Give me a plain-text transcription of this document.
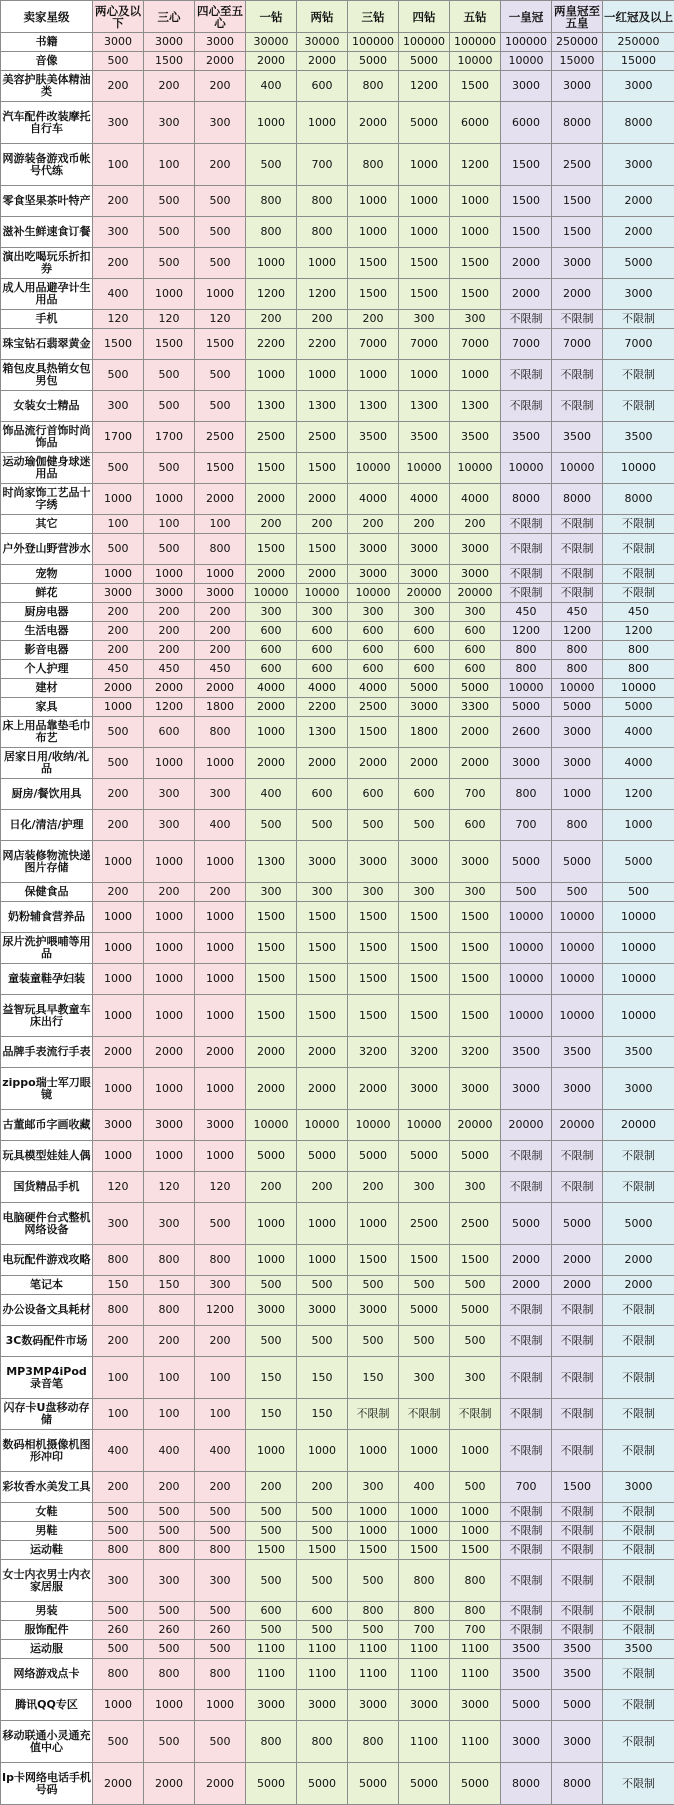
卖家星级	两心及以下	三心	四心至五心	一钻	两钻	三钻	四钻	五钻	一皇冠	两皇冠至五皇	一红冠及以上
书籍	3000	3000	3000	30000	30000	100000	100000	100000	100000	250000	250000
音像	500	1500	2000	2000	2000	5000	5000	10000	10000	15000	15000
美容护肤美体精油类	200	200	200	400	600	800	1200	1500	3000	3000	3000
汽车配件改装摩托自行车	300	300	300	1000	1000	2000	5000	6000	6000	8000	8000
网游装备游戏币帐号代练	100	100	200	500	700	800	1000	1200	1500	2500	3000
零食坚果茶叶特产	200	500	500	800	800	1000	1000	1000	1500	1500	2000
滋补生鲜速食订餐	300	500	500	800	800	1000	1000	1000	1500	1500	2000
演出吃喝玩乐折扣券	200	500	500	1000	1000	1500	1500	1500	2000	3000	5000
成人用品避孕计生用品	400	1000	1000	1200	1200	1500	1500	1500	2000	2000	3000
手机	120	120	120	200	200	200	300	300	不限制	不限制	不限制
珠宝钻石翡翠黄金	1500	1500	1500	2200	2200	7000	7000	7000	7000	7000	7000
箱包皮具热销女包男包	500	500	500	1000	1000	1000	1000	1000	不限制	不限制	不限制
女装女士精品	300	500	500	1300	1300	1300	1300	1300	不限制	不限制	不限制
饰品流行首饰时尚饰品	1700	1700	2500	2500	2500	3500	3500	3500	3500	3500	3500
运动瑜伽健身球迷用品	500	500	1500	1500	1500	10000	10000	10000	10000	10000	10000
时尚家饰工艺品十字绣	1000	1000	2000	2000	2000	4000	4000	4000	8000	8000	8000
其它	100	100	100	200	200	200	200	200	不限制	不限制	不限制
户外登山野营涉水	500	500	800	1500	1500	3000	3000	3000	不限制	不限制	不限制
宠物	1000	1000	1000	2000	2000	3000	3000	3000	不限制	不限制	不限制
鲜花	3000	3000	3000	10000	10000	10000	20000	20000	不限制	不限制	不限制
厨房电器	200	200	200	300	300	300	300	300	450	450	450
生活电器	200	200	200	600	600	600	600	600	1200	1200	1200
影音电器	200	200	200	600	600	600	600	600	800	800	800
个人护理	450	450	450	600	600	600	600	600	800	800	800
建材	2000	2000	2000	4000	4000	4000	5000	5000	10000	10000	10000
家具	1000	1200	1800	2000	2200	2500	3000	3300	5000	5000	5000
床上用品靠垫毛巾布艺	500	600	800	1000	1300	1500	1800	2000	2600	3000	4000
居家日用/收纳/礼品	500	1000	1000	2000	2000	2000	2000	2000	3000	3000	4000
厨房/餐饮用具	200	300	300	400	600	600	600	700	800	1000	1200
日化/清洁/护理	200	300	400	500	500	500	500	600	700	800	1000
网店装修物流快递图片存储	1000	1000	1000	1300	3000	3000	3000	3000	5000	5000	5000
保健食品	200	200	200	300	300	300	300	300	500	500	500
奶粉辅食营养品	1000	1000	1000	1500	1500	1500	1500	1500	10000	10000	10000
尿片洗护喂哺等用品	1000	1000	1000	1500	1500	1500	1500	1500	10000	10000	10000
童装童鞋孕妇装	1000	1000	1000	1500	1500	1500	1500	1500	10000	10000	10000
益智玩具早教童车床出行	1000	1000	1000	1500	1500	1500	1500	1500	10000	10000	10000
品牌手表流行手表	2000	2000	2000	2000	2000	3200	3200	3200	3500	3500	3500
zippo瑞士军刀眼镜	1000	1000	1000	2000	2000	2000	3000	3000	3000	3000	3000
古董邮币字画收藏	3000	3000	3000	10000	10000	10000	10000	20000	20000	20000	20000
玩具模型娃娃人偶	1000	1000	1000	5000	5000	5000	5000	5000	不限制	不限制	不限制
国货精品手机	120	120	120	200	200	200	300	300	不限制	不限制	不限制
电脑硬件台式整机网络设备	300	300	500	1000	1000	1000	2500	2500	5000	5000	5000
电玩配件游戏攻略	800	800	800	1000	1000	1500	1500	1500	2000	2000	2000
笔记本	150	150	300	500	500	500	500	500	2000	2000	2000
办公设备文具耗材	800	800	1200	3000	3000	3000	5000	5000	不限制	不限制	不限制
3C数码配件市场	200	200	200	500	500	500	500	500	不限制	不限制	不限制
MP3MP4iPod录音笔	100	100	100	150	150	150	300	300	不限制	不限制	不限制
闪存卡U盘移动存储	100	100	100	150	150	不限制	不限制	不限制	不限制	不限制	不限制
数码相机摄像机图形冲印	400	400	400	1000	1000	1000	1000	1000	不限制	不限制	不限制
彩妆香水美发工具	200	200	200	200	200	300	400	500	700	1500	3000
女鞋	500	500	500	500	500	1000	1000	1000	不限制	不限制	不限制
男鞋	500	500	500	500	500	1000	1000	1000	不限制	不限制	不限制
运动鞋	800	800	800	1500	1500	1500	1500	1500	不限制	不限制	不限制
女士内衣男士内衣家居服	300	300	300	500	500	500	800	800	不限制	不限制	不限制
男装	500	500	500	600	600	800	800	800	不限制	不限制	不限制
服饰配件	260	260	260	500	500	500	700	700	不限制	不限制	不限制
运动服	500	500	500	1100	1100	1100	1100	1100	3500	3500	3500
网络游戏点卡	800	800	800	1100	1100	1100	1100	1100	3500	3500	不限制
腾讯QQ专区	1000	1000	1000	3000	3000	3000	3000	3000	5000	5000	不限制
移动联通小灵通充值中心	500	500	500	800	800	800	1100	1100	3000	3000	不限制
Ip卡网络电话手机号码	2000	2000	2000	5000	5000	5000	5000	5000	8000	8000	不限制
